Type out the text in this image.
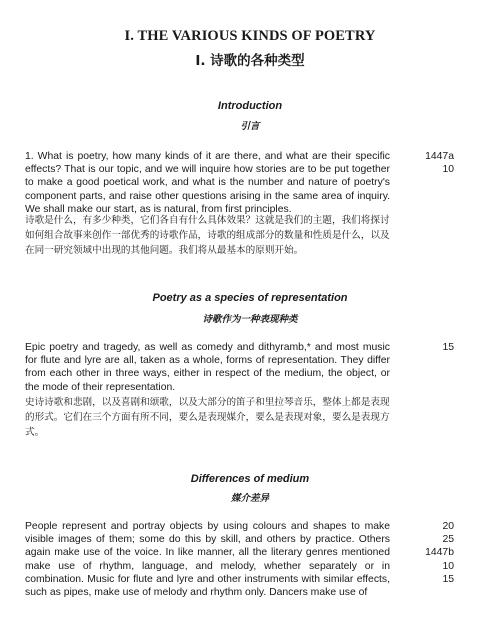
I. THE VARIOUS KINDS OF POETRY
I. 诗歌的各种类型
Introduction
引言

1. What is poetry, how many kinds of it are there, and what are their specific effects? That is our topic, and we will inquire how stories are to be put together to make a good poetical work, and what is the number and nature of poetry's component parts, and raise other questions arising in the same area of inquiry. We shall make our start, as is natural, from first principles.

1447a
10

诗歌是什么，有多少种类，它们各自有什么具体效果？这就是我们的主题，我们将探讨如何组合故事来创作一部优秀的诗歌作品，诗歌的组成部分的数量和性质是什么，以及在同一研究领域中出现的其他问题。我们将从最基本的原则开始。

Poetry as a species of representation
诗歌作为一种表现种类

Epic poetry and tragedy, as well as comedy and dithyramb,* and most music for flute and lyre are all, taken as a whole, forms of representation. They differ from each other in three ways, either in respect of the medium, the object, or the mode of their representation.

15

史诗诗歌和悲剧，以及喜剧和颂歌，以及大部分的笛子和里拉琴音乐，整体上都是表现的形式。它们在三个方面有所不同，要么是表现媒介，要么是表现对象，要么是表现方式。

Differences of medium
媒介差异

People represent and portray objects by using colours and shapes to make visible images of them; some do this by skill, and others by practice. Others again make use of the voice. In like manner, all the literary genres mentioned make use of rhythm, language, and melody, whether separately or in combination. Music for flute and lyre and other instruments with similar effects, such as pipes, make use of melody and rhythm only. Dancers make use of

20
25
1447b
10
15
